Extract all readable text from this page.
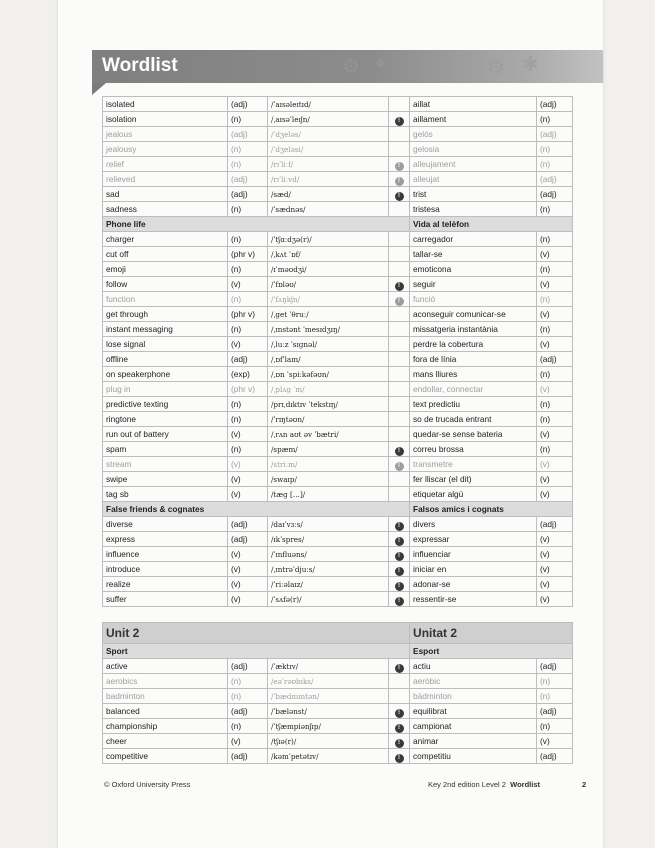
Wordlist	⚙ ✦	⚙ ✱
isolated	(adj)	/ˈaɪsəleɪtɪd/		aillat	(adj)
isolation	(n)	/ˌaɪsəˈleɪʃn/	!	aillament	(n)
jealous	(adj)	/ˈdʒeləs/		gelós	(adj)
jealousy	(n)	/ˈdʒeləsi/		gelosia	(n)
relief	(n)	/rɪˈliːf/	!	alleujament	(n)
relieved	(adj)	/rɪˈliːvd/	!	alleujat	(adj)
sad	(adj)	/sæd/	!	trist	(adj)
sadness	(n)	/ˈsædnəs/		tristesa	(n)
Phone life				Vida al telèfon	
charger	(n)	/ˈtʃɑːdʒə(r)/		carregador	(n)
cut off	(phr v)	/ˌkʌt ˈɒf/		tallar-se	(v)
emoji	(n)	/ɪˈməʊdʒi/		emoticona	(n)
follow	(v)	/ˈfɒləʊ/	!	seguir	(v)
function	(n)	/ˈfʌŋkʃn/	!	funció	(n)
get through	(phr v)	/ˌget ˈθruː/		aconseguir comunicar-se	(v)
instant messaging	(n)	/ˌɪnstənt ˈmesɪdʒɪŋ/		missatgeria instantània	(n)
lose signal	(v)	/ˌluːz ˈsɪɡnəl/		perdre la cobertura	(v)
offline	(adj)	/ˌɒfˈlaɪn/		fora de línia	(adj)
on speakerphone	(exp)	/ˌɒn ˈspiːkəfəʊn/		mans lliures	(n)
plug in	(phr v)	/ˌplʌɡ ˈɪn/		endollar, connectar	(v)
predictive texting	(n)	/prɪˌdɪktɪv ˈtekstɪŋ/		text predictiu	(n)
ringtone	(n)	/ˈrɪŋtəʊn/		so de trucada entrant	(n)
run out of battery	(v)	/ˌrʌn aʊt əv ˈbætri/		quedar-se sense bateria	(v)
spam	(n)	/spæm/	!	correu brossa	(n)
stream	(v)	/striːm/	!	transmetre	(v)
swipe	(v)	/swaɪp/		fer lliscar (el dit)	(v)
tag sb	(v)	/tæɡ […]/		etiquetar algú	(v)
False friends & cognates				Falsos amics i cognats	
diverse	(adj)	/daɪˈvɜːs/	!	divers	(adj)
express	(adj)	/ɪkˈspres/	!	expressar	(v)
influence	(v)	/ˈɪnfluəns/	!	influenciar	(v)
introduce	(v)	/ˌɪntrəˈdjuːs/	!	iniciar en	(v)
realize	(v)	/ˈriːəlaɪz/	!	adonar-se	(v)
suffer	(v)	/ˈsʌfə(r)/	!	ressentir-se	(v)
Unit 2				Unitat 2	
Sport				Esport	
active	(adj)	/ˈæktɪv/	!	actiu	(adj)
aerobics	(n)	/eəˈrəʊbɪks/		aeròbic	(n)
badminton	(n)	/ˈbædmɪntən/		bàdminton	(n)
balanced	(adj)	/ˈbælənst/	!	equilibrat	(adj)
championship	(n)	/ˈtʃæmpiənʃɪp/	!	campionat	(n)
cheer	(v)	/tʃɪə(r)/	!	animar	(v)
competitive	(adj)	/kəmˈpetətɪv/	!	competitiu	(adj)
© Oxford University Press	Key 2nd edition Level 2 Wordlist	2
